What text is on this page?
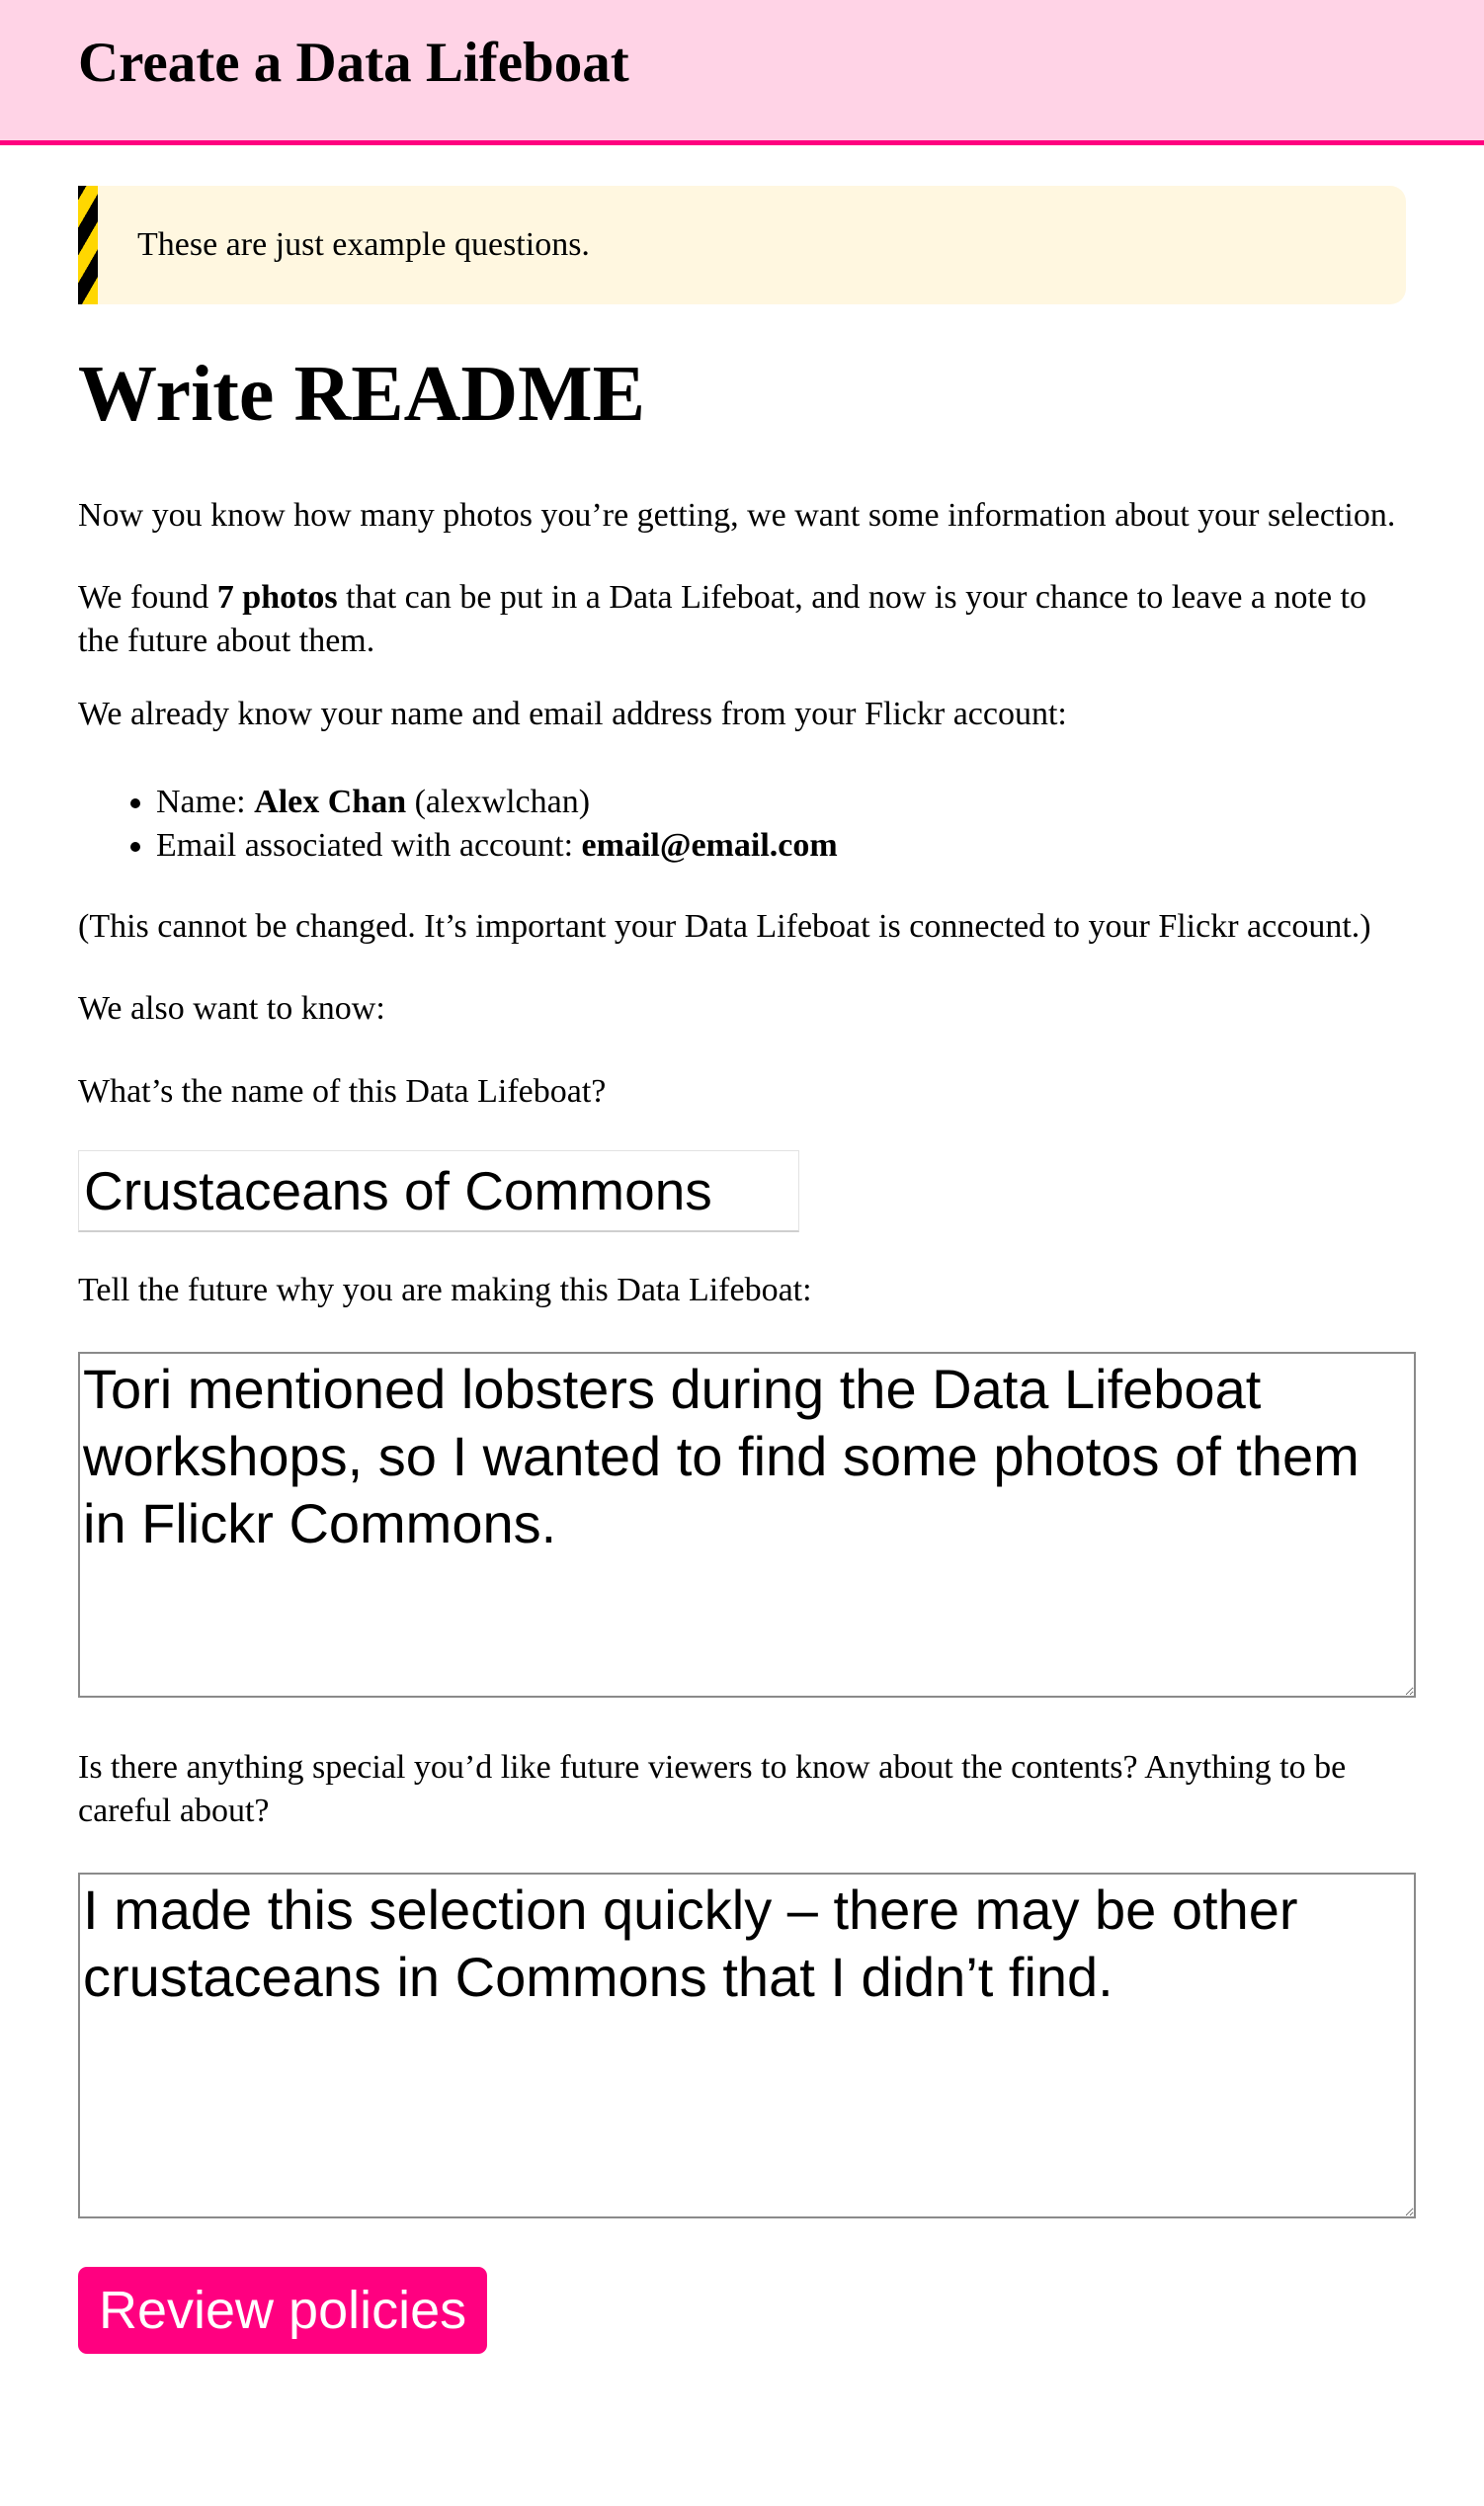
Create a Data Lifeboat
These are just example questions.
Write README

Now you know how many photos you’re getting, we want some information about your selection.

We found 7 photos that can be put in a Data Lifeboat, and now is your chance to leave a note to the future about them.

We already know your name and email address from your Flickr account:

• Name: Alex Chan (alexwlchan)
• Email associated with account: email@email.com

(This cannot be changed. It’s important your Data Lifeboat is connected to your Flickr account.)

We also want to know:

What’s the name of this Data Lifeboat?

Crustaceans of Commons

Tell the future why you are making this Data Lifeboat:

Tori mentioned lobsters during the Data Lifeboat workshops, so I wanted to find some photos of them in Flickr Commons.

Is there anything special you’d like future viewers to know about the contents? Anything to be careful about?

I made this selection quickly – there may be other crustaceans in Commons that I didn’t find. Review policies
